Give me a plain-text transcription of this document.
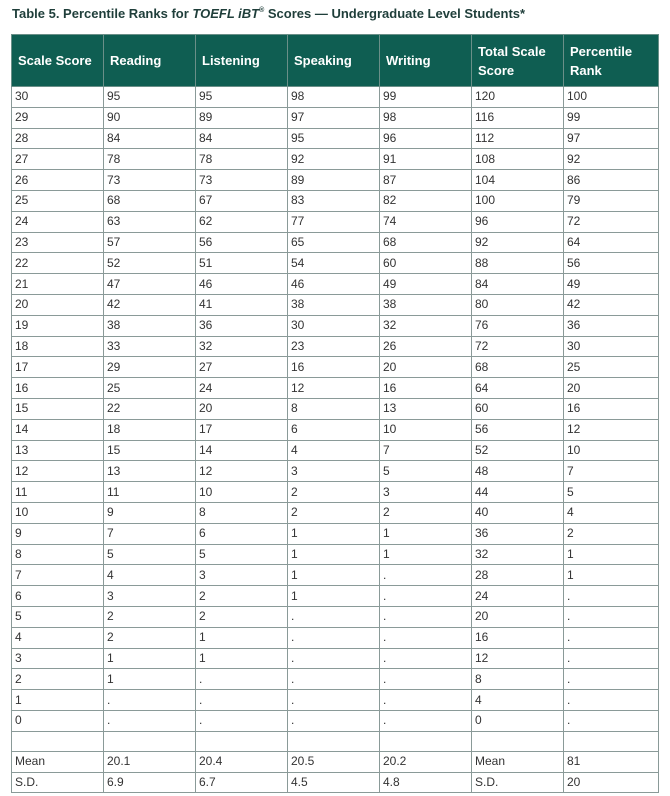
Table 5. Percentile Ranks for TOEFL iBT® Scores — Undergraduate Level Students*
Scale Score	Reading	Listening	Speaking	Writing	Total Scale Score	Percentile Rank
30	95	95	98	99	120	100
29	90	89	97	98	116	99
28	84	84	95	96	112	97
27	78	78	92	91	108	92
26	73	73	89	87	104	86
25	68	67	83	82	100	79
24	63	62	77	74	96	72
23	57	56	65	68	92	64
22	52	51	54	60	88	56
21	47	46	46	49	84	49
20	42	41	38	38	80	42
19	38	36	30	32	76	36
18	33	32	23	26	72	30
17	29	27	16	20	68	25
16	25	24	12	16	64	20
15	22	20	8	13	60	16
14	18	17	6	10	56	12
13	15	14	4	7	52	10
12	13	12	3	5	48	7
11	11	10	2	3	44	5
10	9	8	2	2	40	4
9	7	6	1	1	36	2
8	5	5	1	1	32	1
7	4	3	1	.	28	1
6	3	2	1	.	24	.
5	2	2	.	.	20	.
4	2	1	.	.	16	.
3	1	1	.	.	12	.
2	1	.	.	.	8	.
1	.	.	.	.	4	.
0	.	.	.	.	0	.

Mean	20.1	20.4	20.5	20.2	Mean	81
S.D.	6.9	6.7	4.5	4.8	S.D.	20
